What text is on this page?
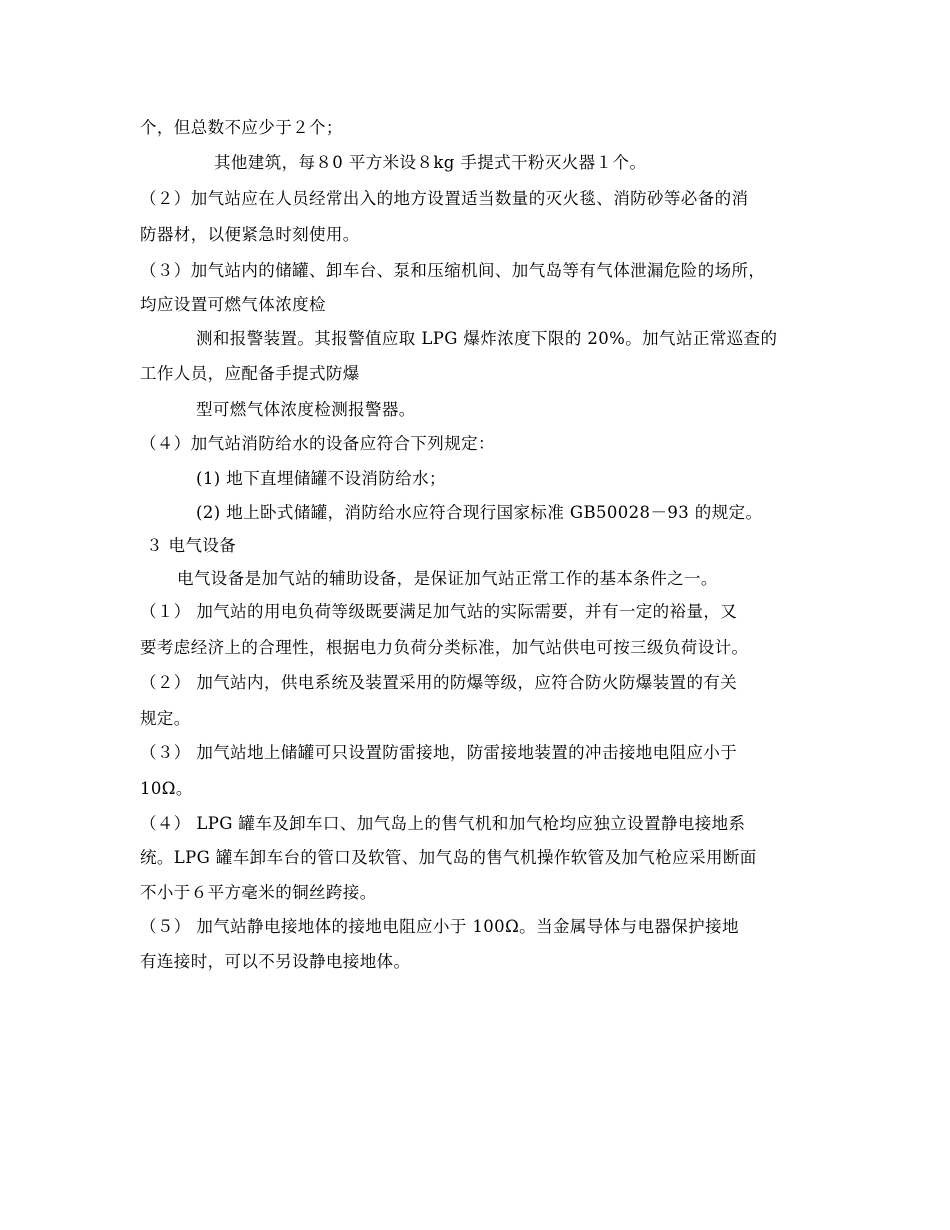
个，但总数不应少于２个；
其他建筑，每８0 平方米设８kg 手提式干粉灭火器１个。
（２）加气站应在人员经常出入的地方设置适当数量的灭火毯、消防砂等必备的消
防器材，以便紧急时刻使用。
（３）加气站内的储罐、卸车台、泵和压缩机间、加气岛等有气体泄漏危险的场所，
均应设置可燃气体浓度检
测和报警装置。其报警值应取 LPG 爆炸浓度下限的 20%。加气站正常巡查的
工作人员，应配备手提式防爆
型可燃气体浓度检测报警器。
（４）加气站消防给水的设备应符合下列规定：
(1) 地下直埋储罐不设消防给水；
(2) 地上卧式储罐，消防给水应符合现行国家标准 GB50028－93 的规定。
３ 电气设备
电气设备是加气站的辅助设备，是保证加气站正常工作的基本条件之一。
（１） 加气站的用电负荷等级既要满足加气站的实际需要，并有一定的裕量，又
要考虑经济上的合理性，根据电力负荷分类标准，加气站供电可按三级负荷设计。
（２） 加气站内，供电系统及装置采用的防爆等级，应符合防火防爆装置的有关
规定。
（３） 加气站地上储罐可只设置防雷接地，防雷接地装置的冲击接地电阻应小于
10Ω。
（４） LPG 罐车及卸车口、加气岛上的售气机和加气枪均应独立设置静电接地系
统。LPG 罐车卸车台的管口及软管、加气岛的售气机操作软管及加气枪应采用断面
不小于６平方毫米的铜丝跨接。
（５） 加气站静电接地体的接地电阻应小于 100Ω。当金属导体与电器保护接地
有连接时，可以不另设静电接地体。
